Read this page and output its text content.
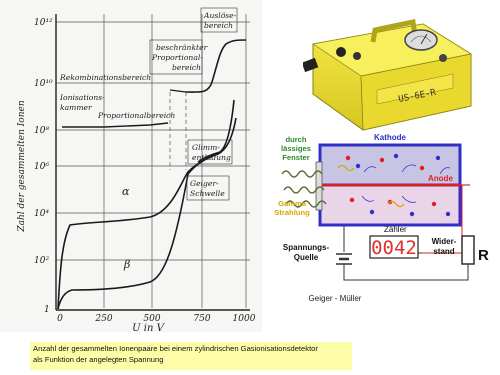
10¹²
10¹⁰
10⁸
10⁶
10⁴
10²
1
0	250	500	750 1000
U in V
Zahl der gesammelten Ionen	α
β
Rekombinationsbereich
Ionisations-
kammer
Proportionalbereich
beschränkter
Proportional-
bereich
Auslöse-
bereich
Glimm-
entladung
Geiger-
Schwelle
US-6E-R
Kathode
Anode
durch
lässiges
Fenster
Gamma
Strahlung
Zähler
0042	R
Spannungs-
Quelle
Wider-
stand
Geiger - Müller
Anzahl der gesammelten Ionenpaare bei einem zylindrischen Gasionisationsdetektor
als Funktion der angelegten Spannung
